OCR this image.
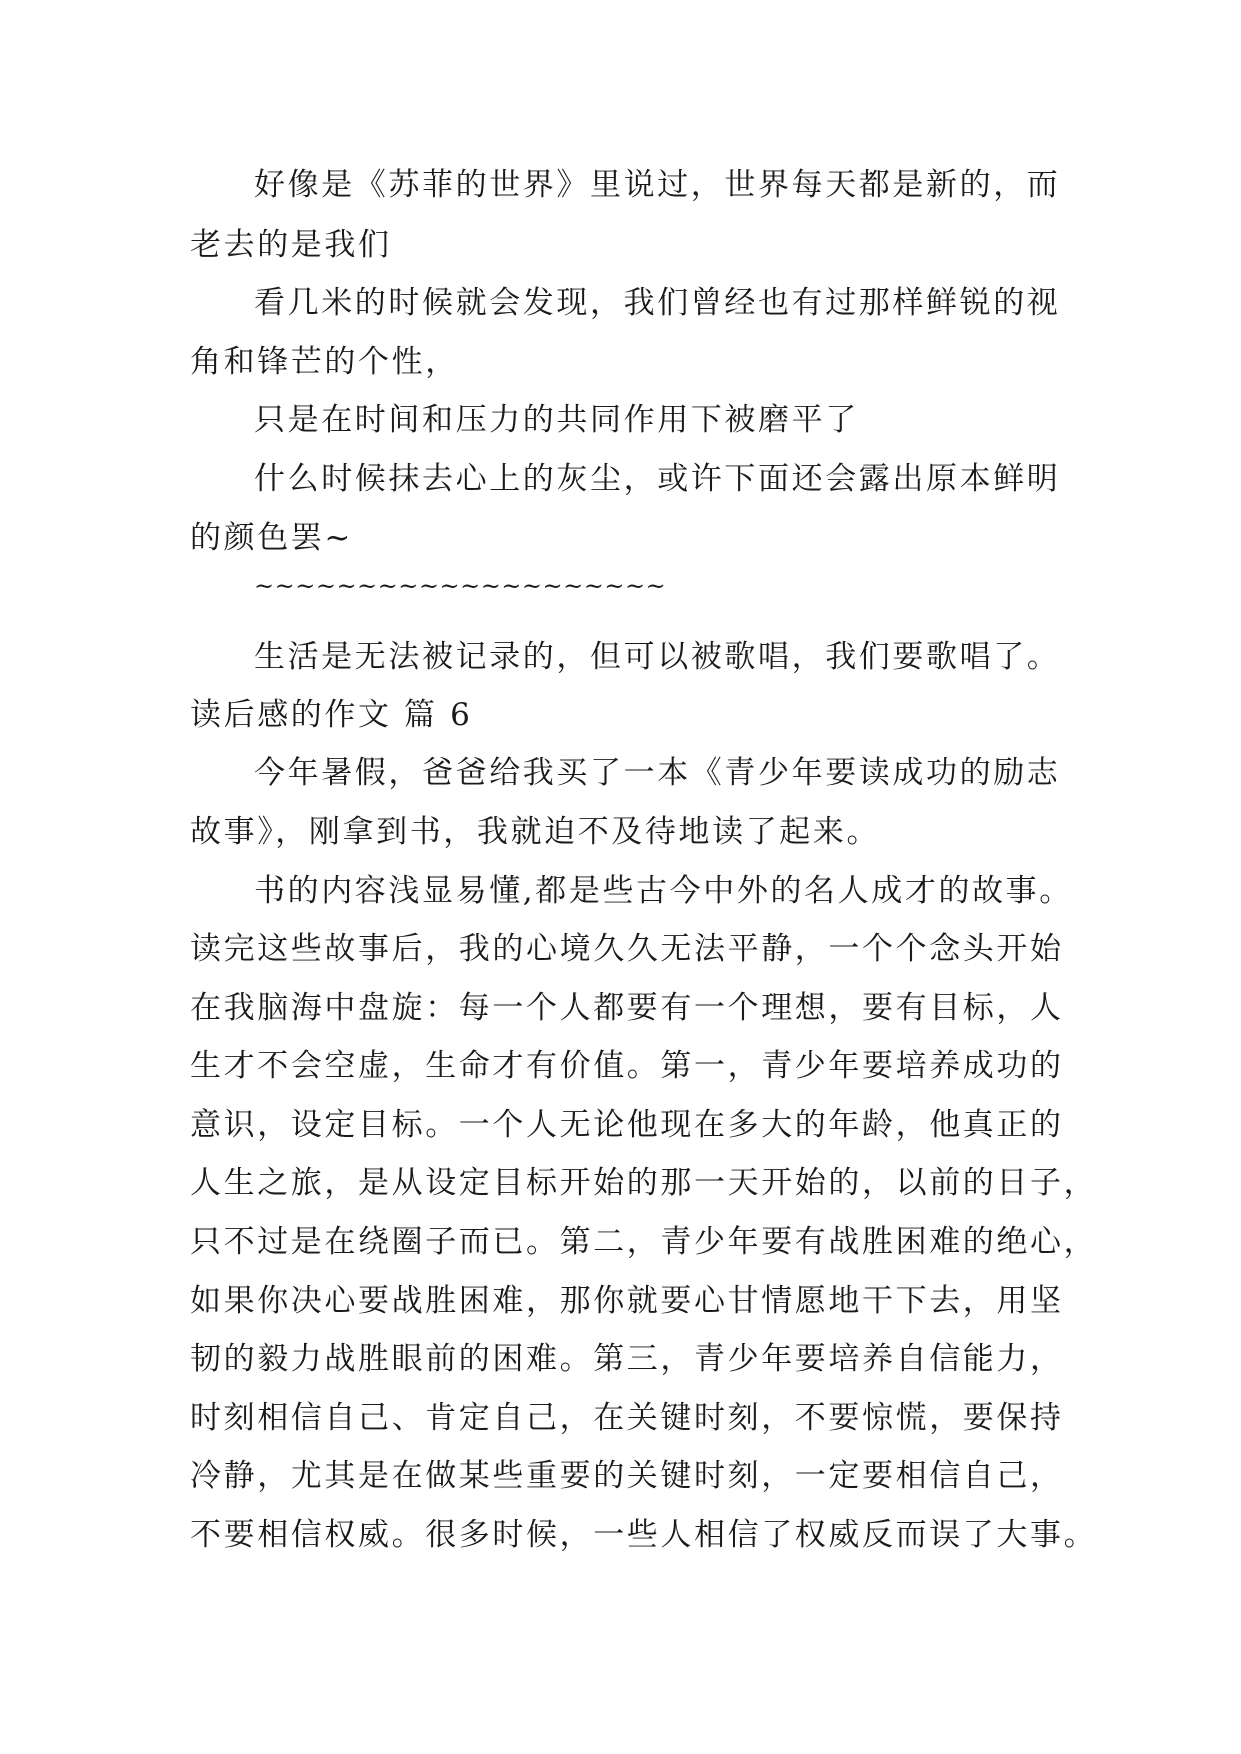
好像是《苏菲的世界》里说过，世界每天都是新的，而
老去的是我们
看几米的时候就会发现，我们曾经也有过那样鲜锐的视
角和锋芒的个性，
只是在时间和压力的共同作用下被磨平了
什么时候抹去心上的灰尘，或许下面还会露出原本鲜明
的颜色罢~
~~~~~~~~~~~~~~~~~~~~
生活是无法被记录的，但可以被歌唱，我们要歌唱了。
读后感的作文 篇 6
今年暑假，爸爸给我买了一本《青少年要读成功的励志
故事》，刚拿到书，我就迫不及待地读了起来。
书的内容浅显易懂,都是些古今中外的名人成才的故事。
读完这些故事后，我的心境久久无法平静，一个个念头开始
在我脑海中盘旋：每一个人都要有一个理想，要有目标，人
生才不会空虚，生命才有价值。第一，青少年要培养成功的
意识，设定目标。一个人无论他现在多大的年龄，他真正的
人生之旅，是从设定目标开始的那一天开始的，以前的日子，
只不过是在绕圈子而已。第二，青少年要有战胜困难的绝心，
如果你决心要战胜困难，那你就要心甘情愿地干下去，用坚
韧的毅力战胜眼前的困难。第三，青少年要培养自信能力，
时刻相信自己、肯定自己，在关键时刻，不要惊慌，要保持
冷静，尤其是在做某些重要的关键时刻，一定要相信自己，
不要相信权威。很多时候，一些人相信了权威反而误了大事。
